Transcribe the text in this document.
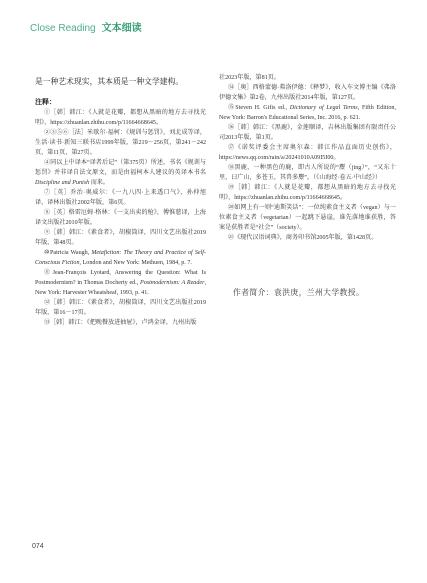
Close Reading 文本细读

是一种艺术现实，其本质是一种文学建构。

注释：

①［韩］韩江：《人就是花瓣，都想从黑暗的地方去寻找光明》，https://zhuanlan.zhihu.com/p/11664668645。

②③⑤⑥［法］米歇尔·福柯：《规训与惩罚》，刘北成等译，生活·读书·新知三联书店1999年版，第219－256页，第241－242页，第11页，第27页。

④同以上中译本“译者后记”（第375页）所述，书名《规训与惩罚》并非译自法文原文，而是由福柯本人建议的英译本书名 Discipline and Punish 而来。

⑦［英］乔治·奥威尔：《一九八四·上来透口气》，孙仲旭译，译林出版社2002年版，第6页。

⑧［英］格雷厄姆·格林：《一支出卖的枪》，傅惟慈译，上海译文出版社2010年版。

⑨［韩］韩江：《素食者》，胡椒筒译，四川文艺出版社2019年版，第48页。

⑩Patricia Waugh, Metafiction: The Theory and Practice of Self-Conscious Fiction, London and New York: Methuen, 1984, p. 7.

⑪Jean-François Lyotard, Answering the Question: What Is Postmodernism? in Thomas Docherty ed., Postmodernism: A Reader, New York: Harvester Wheatsheaf, 1993, p. 41.

⑫［韩］韩江：《素食者》，胡椒筒译，四川文艺出版社2019年版，第16－17页。

⑬［韩］韩江：《把晚餐放进抽屉》，卢鸿金译，九州出版

社2023年版，第81页。

⑭［奥］西格蒙德·弗洛伊德：《释梦》，收入车文博主编《弗洛伊德文集》第2卷，九州出版社2014年版，第127页。

⑮Steven H. Gifis ed., Dictionary of Legal Terms, Fifth Edition, New York: Barron's Educational Series, Inc. 2016, p. 621.

⑯［韩］韩江：《黑鹿》，金莲顺译，吉林出版集团有限责任公司2013年版，第1页。

⑰《诺奖评委会主席奥尔森：韩江作品直面历史创伤》，https://news.qq.com/rain/a/20241010A09I5I00。

⑱黑鹿，一种黑色的鹿，即古人所说的“麖（jīng）”，“又东十里，曰广山，多苍玉，其兽多麖”。（《山海经·卷五·中山经》）

⑲［韩］韩江：《人就是花瓣，都想从黑暗的地方去寻找光明》，https://zhuanlan.zhihu.com/p/11664668645。

⑳如网上有一则“迪斯笑话”：一位纯素食主义者（vegan）与一位素食主义者（vegetarian）一起跳下悬崖，谁先落地谁获胜，答案是获胜者是“社会”（society）。

㉑《现代汉语词典》，商务印书馆2005年版，第1428页。

作者简介：袁洪庚，兰州大学教授。
074
